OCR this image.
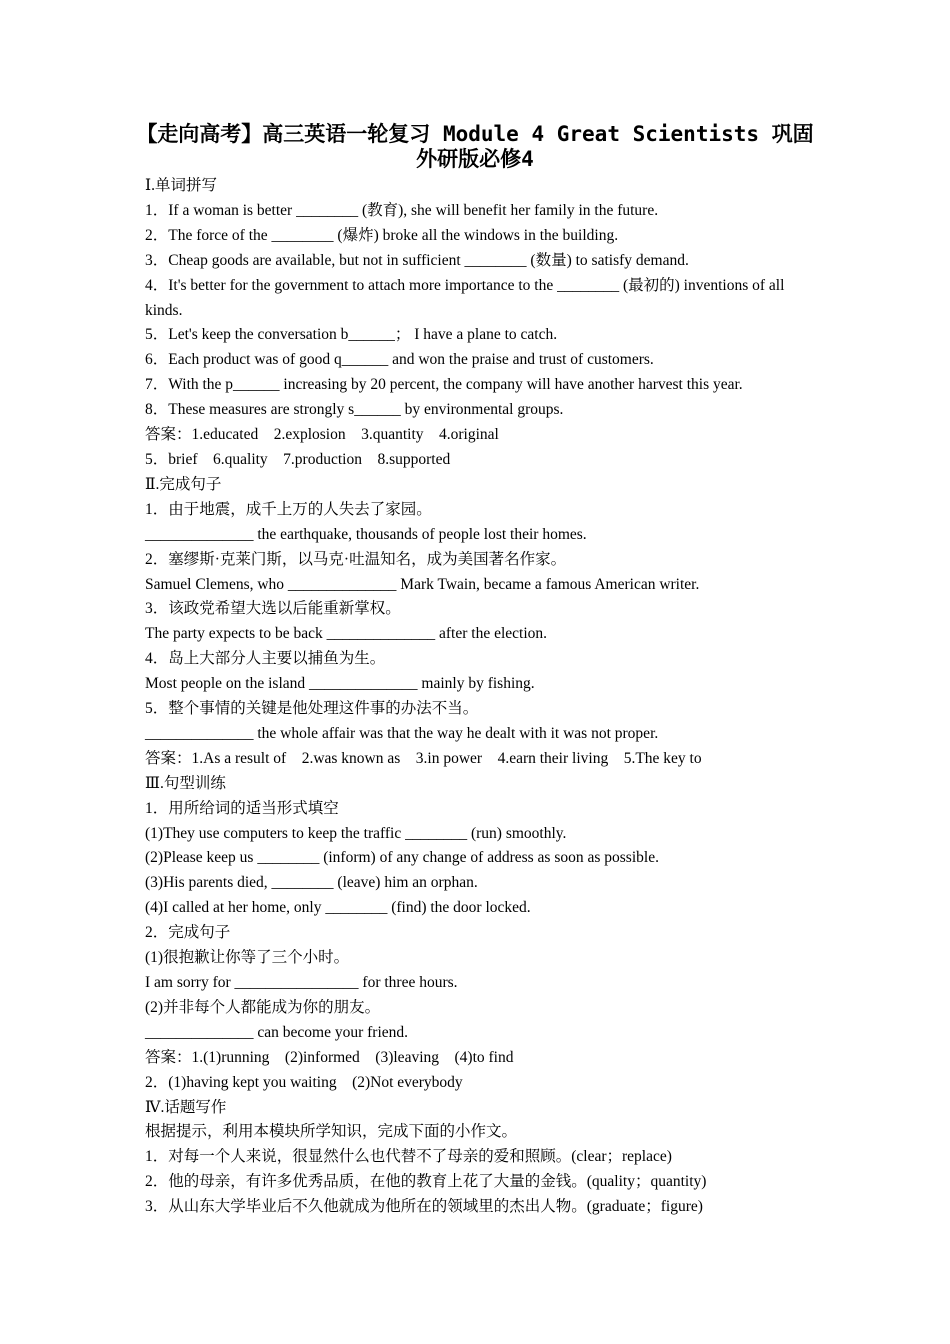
【走向高考】高三英语一轮复习 Module 4 Great Scientists 巩固
外研版必修4
Ⅰ.单词拼写
1．If a woman is better ________ (教育), she will benefit her family in the future.
2．The force of the ________ (爆炸) broke all the windows in the building.
3．Cheap goods are available, but not in sufficient ________ (数量) to satisfy demand.
4．It's better for the government to attach more importance to the ________ (最初的) inventions of all kinds.
5．Let's keep the conversation b______； I have a plane to catch.
6．Each product was of good q______ and won the praise and trust of customers.
7．With the p______ increasing by 20 percent, the company will have another harvest this year.
8．These measures are strongly s______ by environmental groups.
答案：1.educated　2.explosion　3.quantity　4.original
5．brief　6.quality　7.production　8.supported
Ⅱ.完成句子
1．由于地震，成千上万的人失去了家园。
______________ the earthquake, thousands of people lost their homes.
2．塞缪斯·克莱门斯，以马克·吐温知名，成为美国著名作家。
Samuel Clemens, who ______________ Mark Twain, became a famous American writer.
3．该政党希望大选以后能重新掌权。
The party expects to be back ______________ after the election.
4．岛上大部分人主要以捕鱼为生。
Most people on the island ______________ mainly by fishing.
5．整个事情的关键是他处理这件事的办法不当。
______________ the whole affair was that the way he dealt with it was not proper.
答案：1.As a result of　2.was known as　3.in power　4.earn their living　5.The key to
Ⅲ.句型训练
1．用所给词的适当形式填空
(1)They use computers to keep the traffic ________ (run) smoothly.
(2)Please keep us ________ (inform) of any change of address as soon as possible.
(3)His parents died, ________ (leave) him an orphan.
(4)I called at her home, only ________ (find) the door locked.
2．完成句子
(1)很抱歉让你等了三个小时。
I am sorry for ________________ for three hours.
(2)并非每个人都能成为你的朋友。
______________ can become your friend.
答案：1.(1)running　(2)informed　(3)leaving　(4)to find
2．(1)having kept you waiting　(2)Not everybody
Ⅳ.话题写作
根据提示，利用本模块所学知识，完成下面的小作文。
1．对每一个人来说，很显然什么也代替不了母亲的爱和照顾。(clear；replace)
2．他的母亲，有许多优秀品质，在他的教育上花了大量的金钱。(quality；quantity)
3．从山东大学毕业后不久他就成为他所在的领域里的杰出人物。(graduate；figure)
